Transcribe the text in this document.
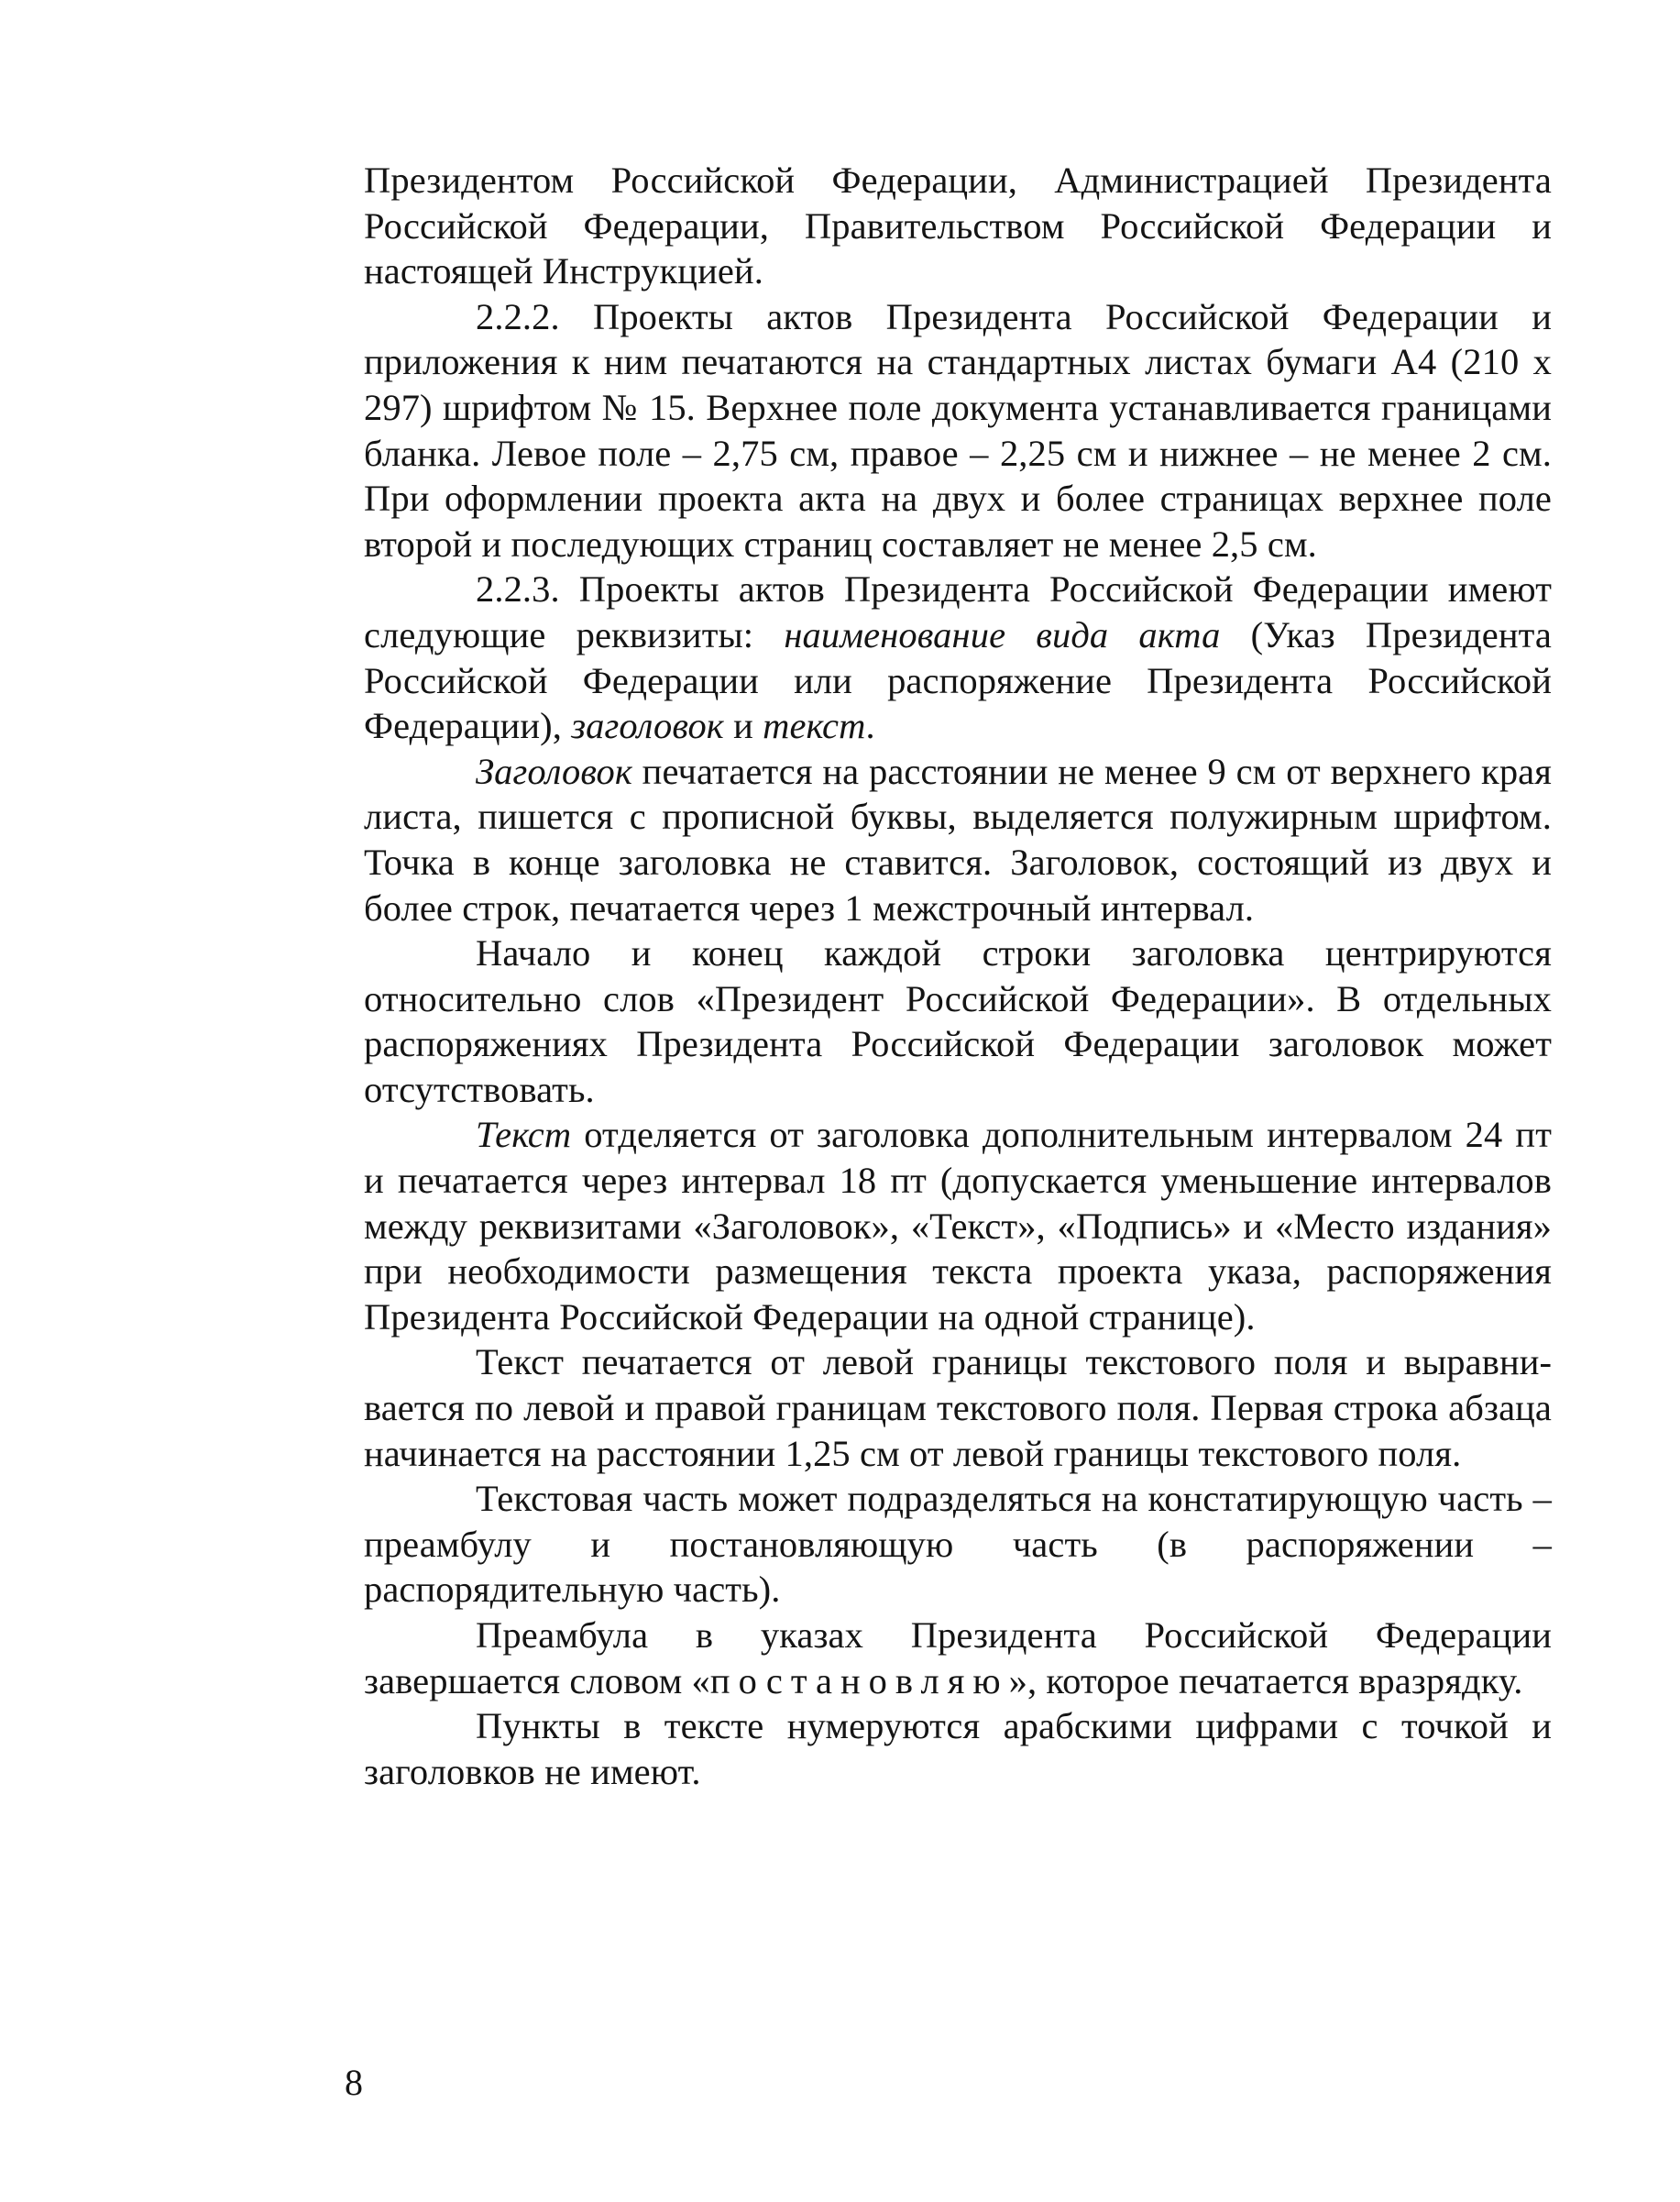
Президентом Российской Федерации, Администрацией Президента Российской Федерации, Правительством Российской Федерации и настоящей Инструкцией.

2.2.2. Проекты актов Президента Российской Федерации и приложения к ним печатаются на стандартных листах бумаги А4 (210 х 297) шрифтом № 15. Верхнее поле документа устанавливается границами бланка. Левое поле – 2,75 см, правое – 2,25 см и нижнее – не менее 2 см. При оформлении проекта акта на двух и более страницах верхнее поле второй и последующих страниц составляет не менее 2,5 см.

2.2.3. Проекты актов Президента Российской Федерации имеют следующие реквизиты: наименование вида акта (Указ Президента Российской Федерации или распоряжение Президента Российской Федерации), заголовок и текст.

Заголовок печатается на расстоянии не менее 9 см от верхнего края листа, пишется с прописной буквы, выделяется полужирным шрифтом. Точка в конце заголовка не ставится. Заголовок, состоящий из двух и более строк, печатается через 1 межстрочный интервал.

Начало и конец каждой строки заголовка центрируются относительно слов «Президент Российской Федерации». В отдельных распоряжениях Президента Российской Федерации заголовок может отсутствовать.

Текст отделяется от заголовка дополнительным интервалом 24 пт и печатается через интервал 18 пт (допускается уменьшение интервалов между реквизитами «Заголовок», «Текст», «Подпись» и «Место издания» при необходимости размещения текста проекта указа, распоряжения Президента Российской Федерации на одной странице).

Текст печатается от левой границы текстового поля и выравнивается по левой и правой границам текстового поля. Первая строка абзаца начинается на расстоянии 1,25 см от левой границы текстового поля.

Текстовая часть может подразделяться на констатирующую часть – преамбулу и постановляющую часть (в распоряжении – распорядительную часть).

Преамбула в указах Президента Российской Федерации завершается словом «постановляю», которое печатается вразрядку.

Пункты в тексте нумеруются арабскими цифрами с точкой и заголовков не имеют.

8
